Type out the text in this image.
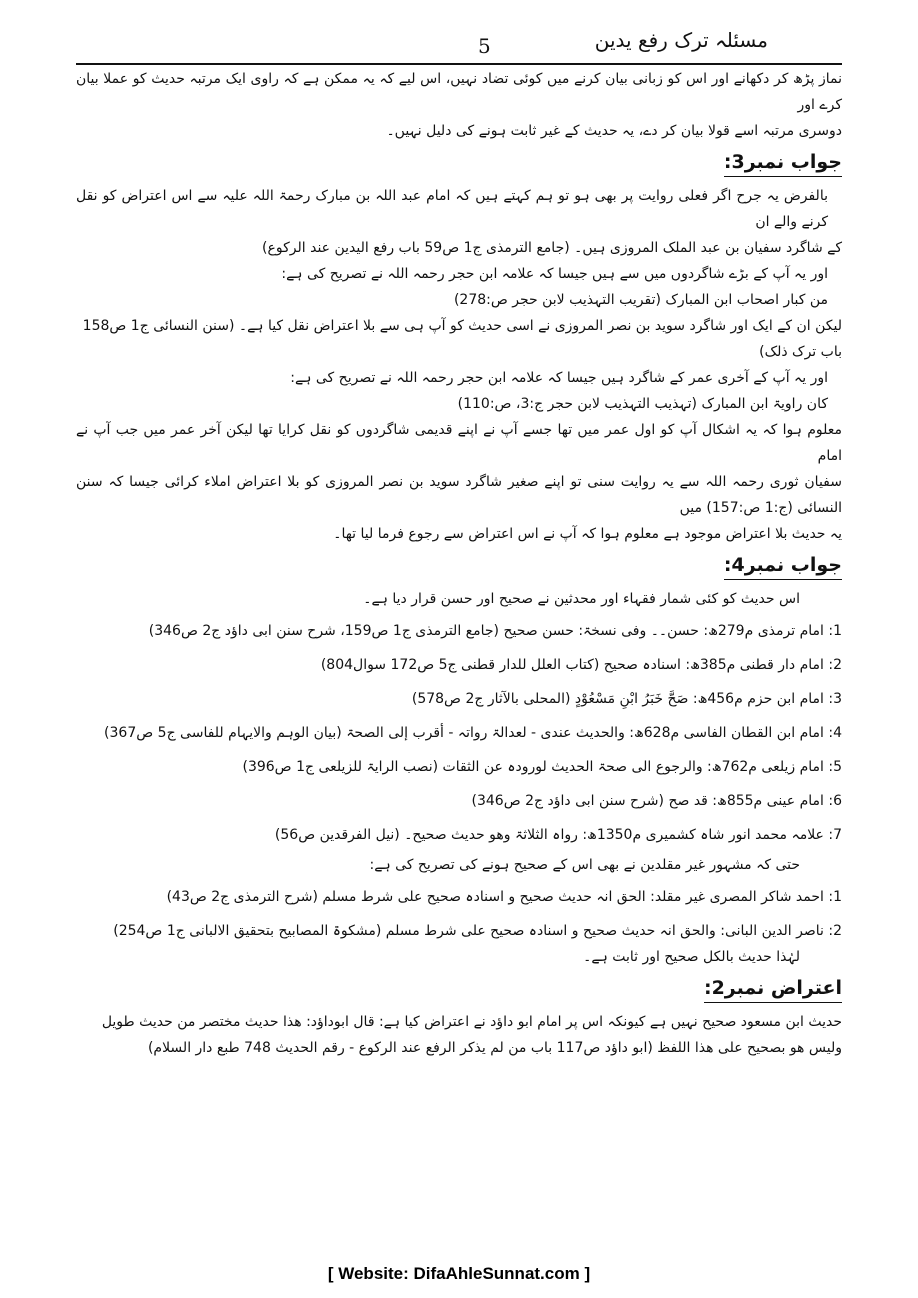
مسئلہ ترک رفع یدین
5

نماز پڑھ کر دکھانے اور اس کو زبانی بیان کرنے میں کوئی تضاد نہیں، اس لیے کہ یہ ممکن ہے کہ راوی ایک مرتبہ حدیث کو عملا بیان کرے اور

دوسری مرتبہ اسے قولا بیان کر دے، یہ حدیث کے غیر ثابت ہونے کی دلیل نہیں۔

جواب نمبر3:

بالفرض یہ جرح اگر فعلی روایت پر بھی ہو تو ہم کہتے ہیں کہ امام عبد اللہ بن مبارک رحمۃ اللہ علیہ سے اس اعتراض کو نقل کرنے والے ان

کے شاگرد سفیان بن عبد الملک المروزی ہیں۔ (جامع الترمذی ج1 ص59 باب رفع الیدین عند الرکوع)

اور یہ آپ کے بڑے شاگردوں میں سے ہیں جیسا کہ علامہ ابن حجر رحمہ اللہ نے تصریح کی ہے:

من کبار اصحاب ابن المبارک (تقریب التہذیب لابن حجر ص:278)

لیکن ان کے ایک اور شاگرد سوید بن نصر المروزی نے اسی حدیث کو آپ ہی سے بلا اعتراض نقل کیا ہے۔ (سنن النسائی ج1 ص158 باب ترک ذلک)

اور یہ آپ کے آخری عمر کے شاگرد ہیں جیسا کہ علامہ ابن حجر رحمہ اللہ نے تصریح کی ہے:

کان راویۃ ابن المبارک (تہذیب التہذیب لابن حجر ج:3، ص:110)

معلوم ہوا کہ یہ اشکال آپ کو اول عمر میں تھا جسے آپ نے اپنے قدیمی شاگردوں کو نقل کرایا تھا لیکن آخر عمر میں جب آپ نے امام

سفیان ثوری رحمہ اللہ سے یہ روایت سنی تو اپنے صغیر شاگرد سوید بن نصر المروزی کو بلا اعتراض املاء کرائی جیسا کہ سنن النسائی (ج:1 ص:157) میں

یہ حدیث بلا اعتراض موجود ہے معلوم ہوا کہ آپ نے اس اعتراض سے رجوع فرما لیا تھا۔

جواب نمبر4:

اس حدیث کو کئی شمار فقہاء اور محدثین نے صحیح اور حسن قرار دیا ہے۔

1: امام ترمذی م279ھ: حسن۔۔ وفی نسخۃ: حسن صحیح (جامع الترمذی ج1 ص159، شرح سنن ابی داؤد ج2 ص346)

2: امام دار قطنی م385ھ: اسنادہ صحیح (کتاب العلل للدار قطنی ج5 ص172 سوال804)

3: امام ابن حزم م456ھ: صَحَّ خَبَرُ ابْنِ مَسْعُوْدٍ (المحلی بالآثار ج2 ص578)

4: امام ابن القطان الفاسی م628ھ: والحدیث عندی - لعدالۃ رواتہ - أقرب إلی الصحۃ (بیان الوہم والایہام للفاسی ج5 ص367)

5: امام زیلعی م762ھ: والرجوع الی صحۃ الحدیث لورودہ عن الثقات (نصب الرایۃ للزیلعی ج1 ص396)

6: امام عینی م855ھ: قد صح (شرح سنن ابی داؤد ج2 ص346)

7: علامہ محمد انور شاہ کشمیری م1350ھ: رواہ الثلاثۃ وھو حدیث صحیح۔ (نیل الفرقدین ص56)

حتی کہ مشہور غیر مقلدین نے بھی اس کے صحیح ہونے کی تصریح کی ہے:

1: احمد شاکر المصری غیر مقلد: الحق انہ حدیث صحیح و اسنادہ صحیح علی شرط مسلم (شرح الترمذی ج2 ص43)

2: ناصر الدین البانی: والحق انہ حدیث صحیح و اسنادہ صحیح علی شرط مسلم (مشکوۃ المصابیح بتحقیق الالبانی ج1 ص254)

لہٰذا حدیث بالکل صحیح اور ثابت ہے۔

اعتراض نمبر2:

حدیث ابن مسعود صحیح نہیں ہے کیونکہ اس پر امام ابو داؤد نے اعتراض کیا ہے: قال ابوداؤد: ھذا حدیث مختصر من حدیث طویل

ولیس ھو بصحیح علی ھذا اللفظ (ابو داؤد ص117 باب من لم یذکر الرفع عند الرکوع - رقم الحدیث 748 طبع دار السلام)

[ Website: DifaAhleSunnat.com ]
